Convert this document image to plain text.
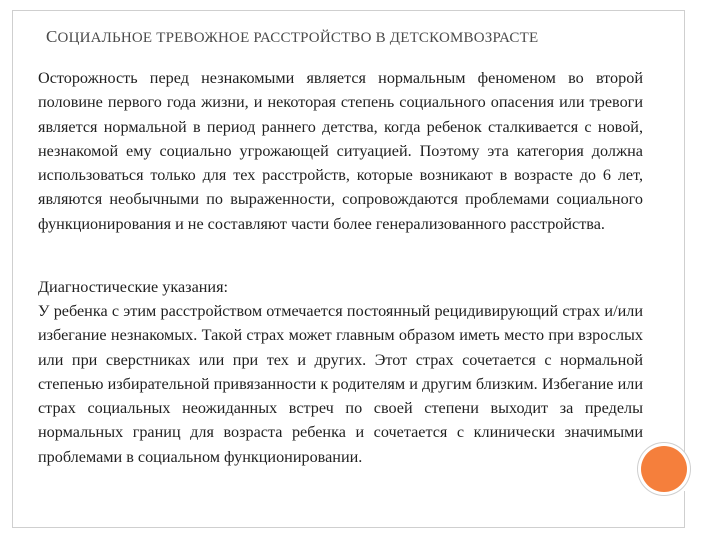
СОЦИАЛЬНОЕ ТРЕВОЖНОЕ РАССТРОЙСТВО В ДЕТСКОМВОЗРАСТЕ
Осторожность перед незнакомыми является нормальным феноменом во второй половине первого года жизни, и некоторая степень социального опасения или тревоги является нормальной в период раннего детства, когда ребенок сталкивается с новой, незнакомой ему социально угрожающей ситуацией. Поэтому эта категория должна использоваться только для тех расстройств, которые возникают в возрасте до 6 лет, являются необычными по выраженности, сопровождаются проблемами социального функционирования и не составляют части более генерализованного расстройства.
Диагностические указания:
У ребенка с этим расстройством отмечается постоянный рецидивирующий страх и/или избегание незнакомых. Такой страх может главным образом иметь место при взрослых или при сверстниках или при тех и других. Этот страх сочетается с нормальной степенью избирательной привязанности к родителям и другим близким. Избегание или страх социальных неожиданных встреч по своей степени выходит за пределы нормальных границ для возраста ребенка и сочетается с клинически значимыми проблемами в социальном функционировании.
